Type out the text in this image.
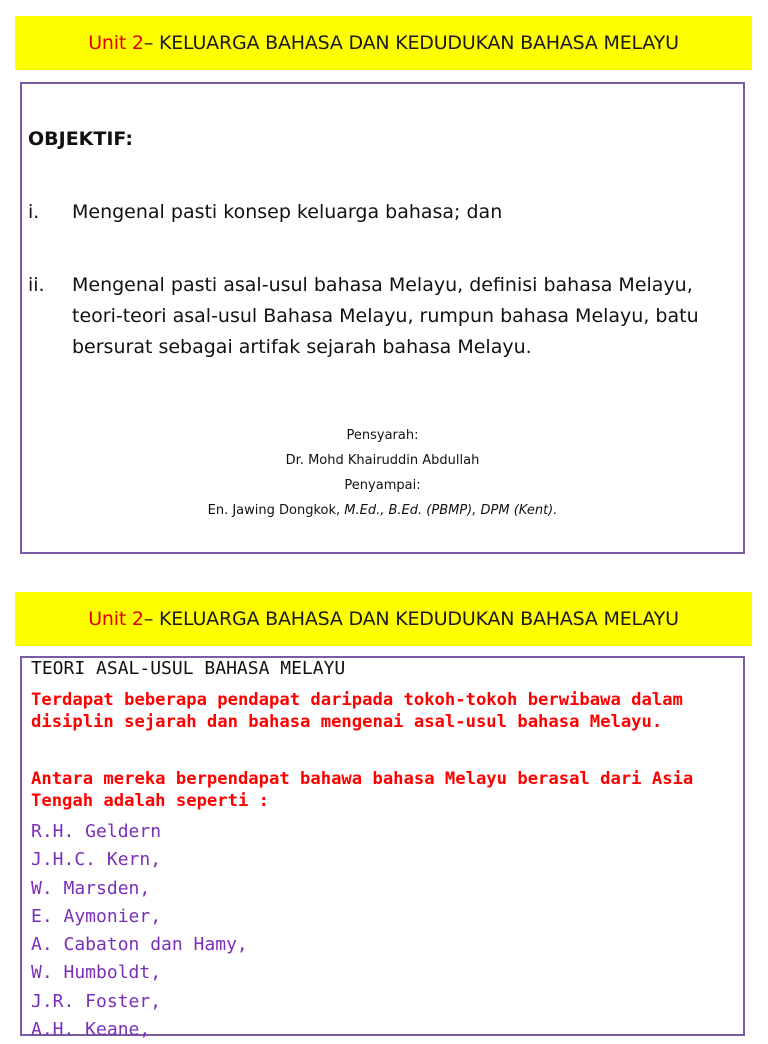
Unit 2 – KELUARGA BAHASA DAN KEDUDUKAN BAHASA MELAYU
OBJEKTIF:
i.	Mengenal pasti konsep keluarga bahasa; dan
ii.	Mengenal pasti asal-usul bahasa Melayu, definisi bahasa Melayu, teori-teori asal-usul Bahasa Melayu, rumpun bahasa Melayu, batu bersurat sebagai artifak sejarah bahasa Melayu.
Pensyarah:
Dr. Mohd Khairuddin Abdullah
Penyampai:
En. Jawing Dongkok, M.Ed., B.Ed. (PBMP), DPM (Kent).
Unit 2 – KELUARGA BAHASA DAN KEDUDUKAN BAHASA MELAYU
TEORI ASAL-USUL BAHASA MELAYU
Terdapat beberapa pendapat daripada tokoh-tokoh berwibawa dalam disiplin sejarah dan bahasa mengenai asal-usul bahasa Melayu.
Antara mereka berpendapat bahawa bahasa Melayu berasal dari Asia Tengah adalah seperti :
R.H. Geldern
J.H.C. Kern,
W. Marsden,
E. Aymonier,
A. Cabaton dan Hamy,
W. Humboldt,
J.R. Foster,
A.H. Keane,
